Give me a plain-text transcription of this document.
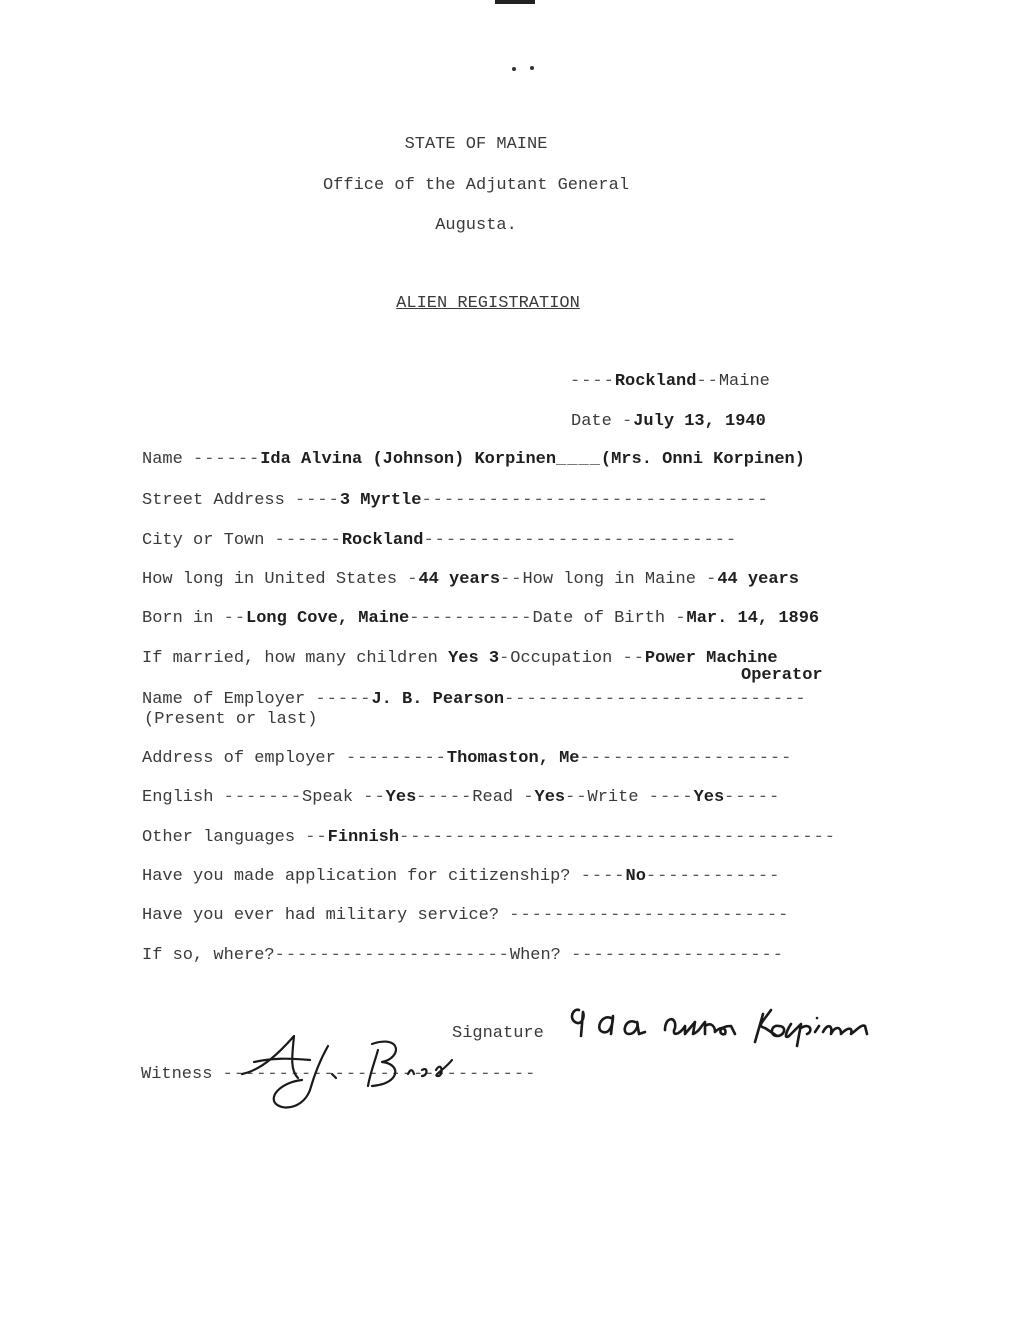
STATE OF MAINE
Office of the Adjutant General
Augusta.
ALIEN REGISTRATION
----Rockland--Maine
Date -July 13, 1940
Name ------Ida Alvina (Johnson) Korpinen____(Mrs. Onni Korpinen)
Street Address ----3 Myrtle-------------------------------
City or Town ------Rockland----------------------------
How long in United States -44 years--How long in Maine -44 years
Born in --Long Cove, Maine-----------Date of Birth -Mar. 14, 1896
If married, how many children Yes 3-Occupation --Power Machine
Operator
Name of Employer -----J. B. Pearson---------------------------
(Present or last)
Address of employer ---------Thomaston, Me-------------------
English -------Speak --Yes-----Read -Yes--Write ----Yes-----
Other languages --Finnish---------------------------------------
Have you made application for citizenship? ----No------------
Have you ever had military service? -------------------------
If so, where?---------------------When? -------------------
Signature
Witness ----------------------------
